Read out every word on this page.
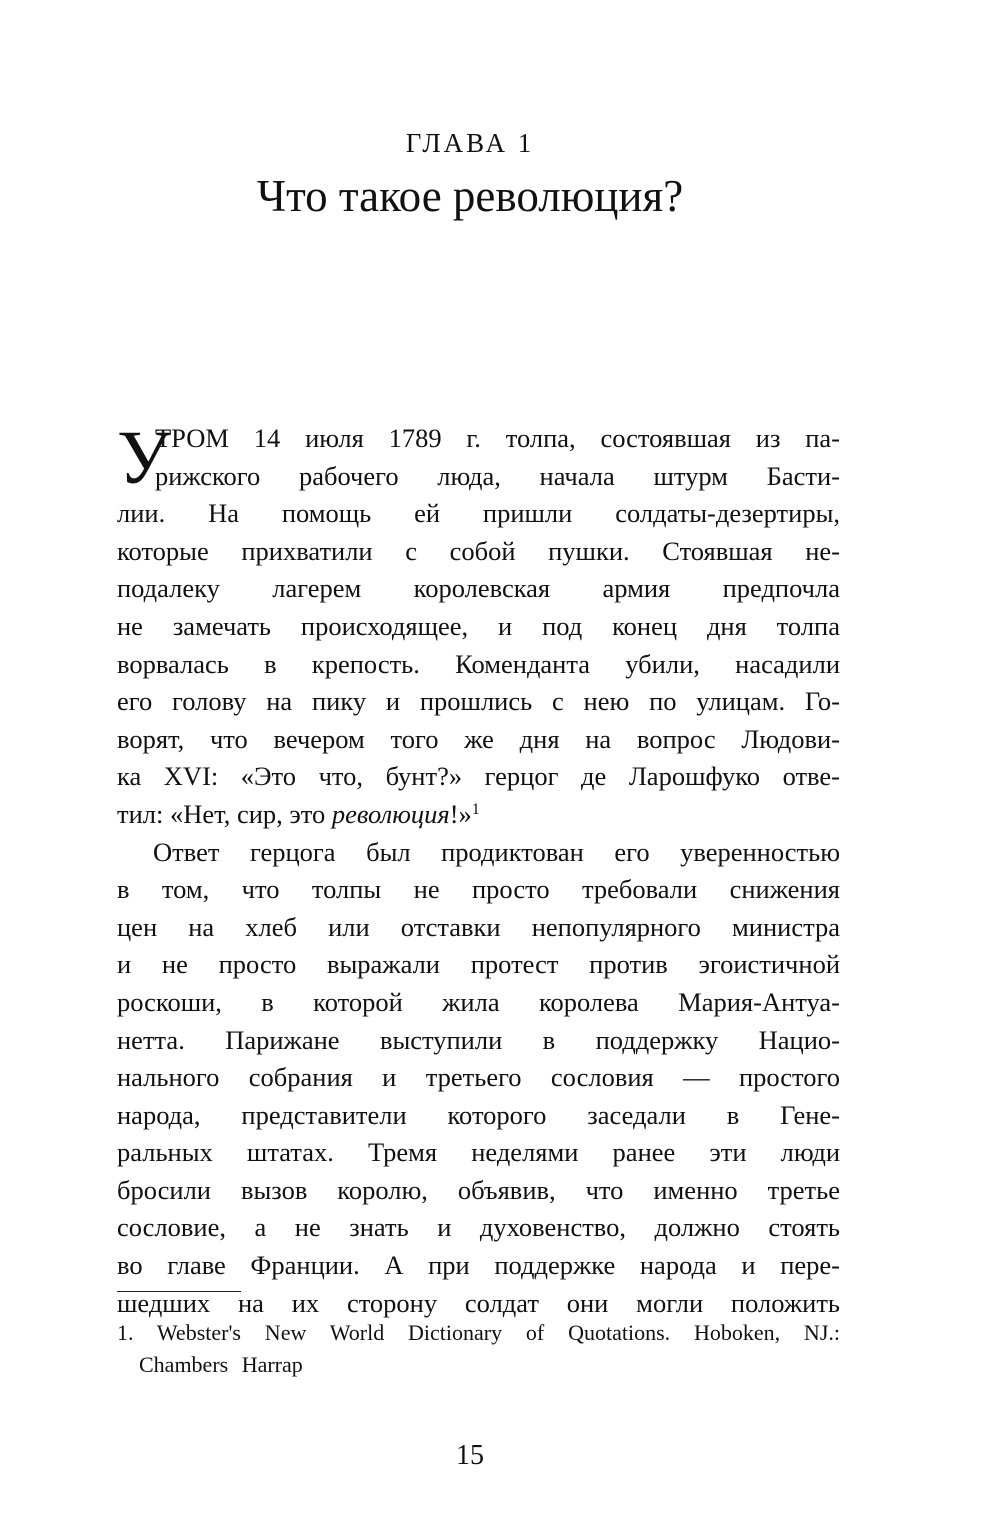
ГЛАВА 1
Что такое революция?
У
ТРОМ 14 июля 1789 г. толпа, состоявшая из па-
рижского рабочего люда, начала штурм Басти-
лии. На помощь ей пришли солдаты-дезертиры,
которые прихватили с собой пушки. Стоявшая не-
подалеку лагерем королевская армия предпочла
не замечать происходящее, и под конец дня толпа
ворвалась в крепость. Коменданта убили, насадили
его голову на пику и прошлись с нею по улицам. Го-
ворят, что вечером того же дня на вопрос Людови-
ка XVI: «Это что, бунт?» герцог де Ларошфуко отве-
тил: «Нет, сир, это революция!»$^1$
Ответ герцога был продиктован его уверенностью
в том, что толпы не просто требовали снижения
цен на хлеб или отставки непопулярного министра
и не просто выражали протест против эгоистичной
роскоши, в которой жила королева Мария-Антуа-
нетта. Парижане выступили в поддержку Нацио-
нального собрания и третьего сословия — простого
народа, представители которого заседали в Гене-
ральных штатах. Тремя неделями ранее эти люди
бросили вызов королю, объявив, что именно третье
сословие, а не знать и духовенство, должно стоять
во главе Франции. А при поддержке народа и пере-
шедших на их сторону солдат они могли положить
1. Webster's New World Dictionary of Quotations. Hoboken, NJ.:
Chambers Harrap
15
